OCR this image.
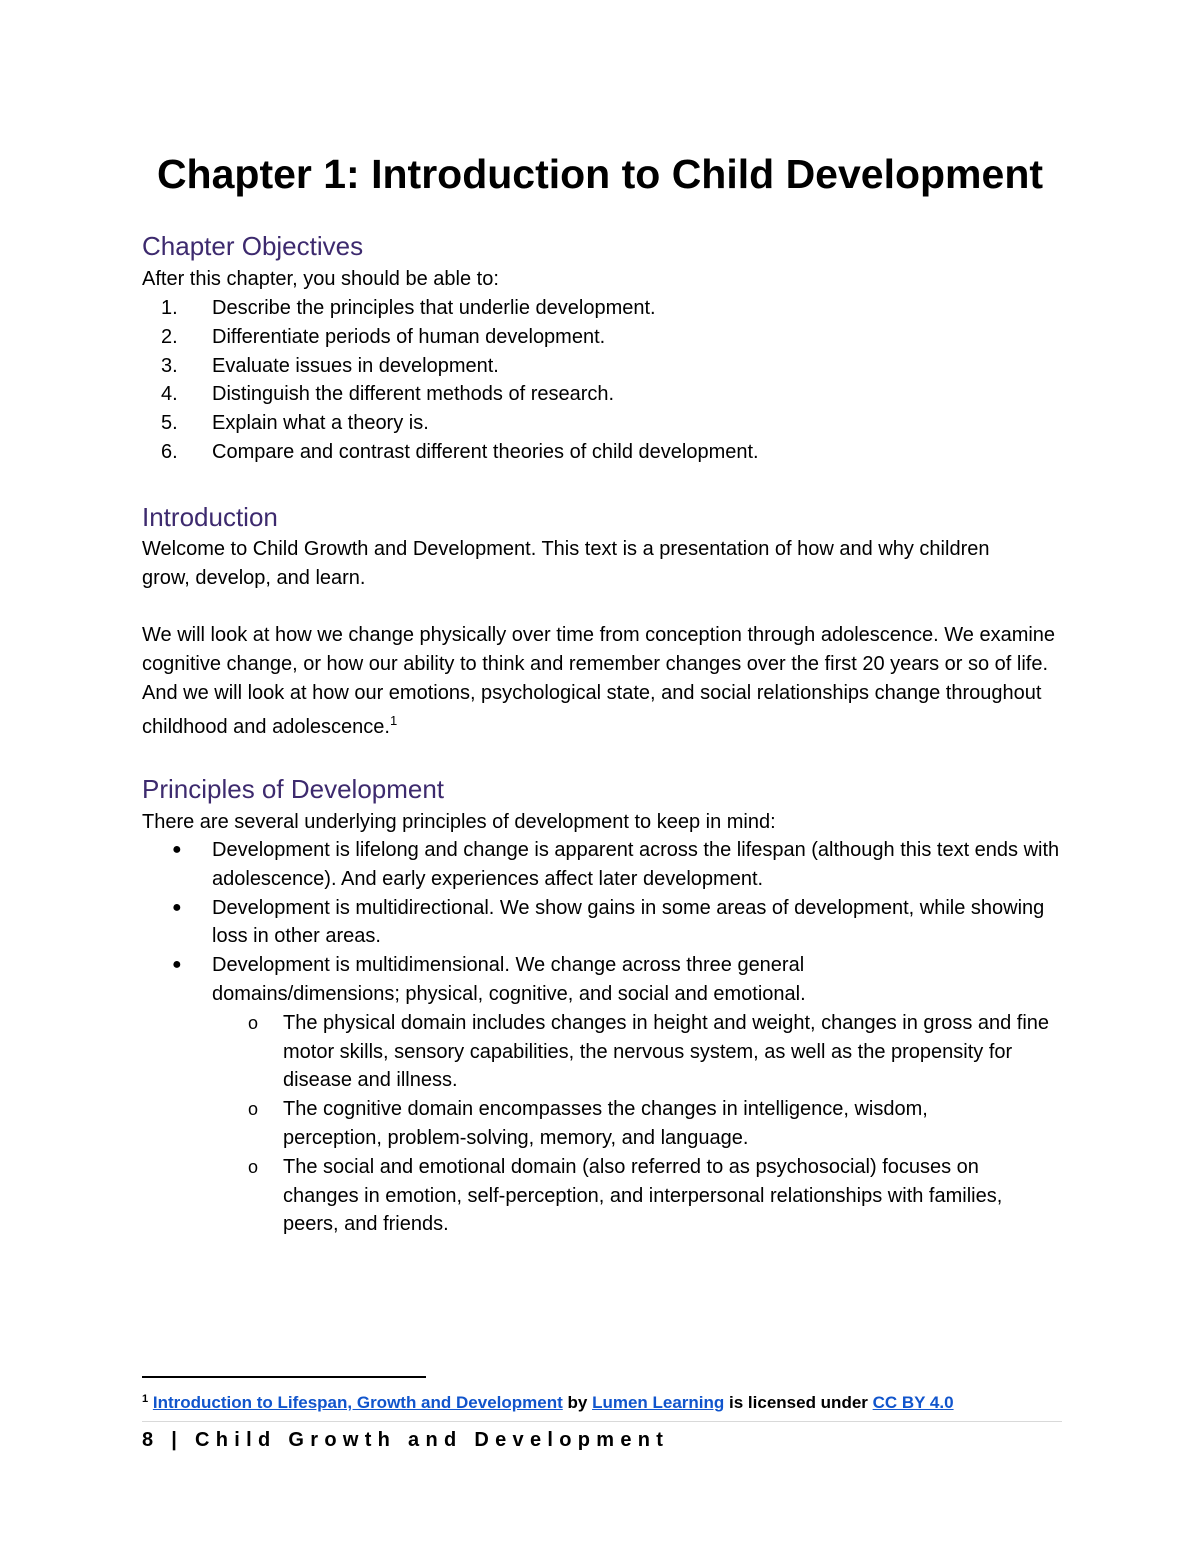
Chapter 1: Introduction to Child Development
Chapter Objectives

After this chapter, you should be able to:

1. Describe the principles that underlie development.
2. Differentiate periods of human development.
3. Evaluate issues in development.
4. Distinguish the different methods of research.
5. Explain what a theory is.
6. Compare and contrast different theories of child development.
Introduction

Welcome to Child Growth and Development. This text is a presentation of how and why children grow, develop, and learn.

We will look at how we change physically over time from conception through adolescence. We examine cognitive change, or how our ability to think and remember changes over the first 20 years or so of life. And we will look at how our emotions, psychological state, and social relationships change throughout childhood and adolescence.$^1$

Principles of Development

There are several underlying principles of development to keep in mind:

● Development is lifelong and change is apparent across the lifespan (although this text ends with adolescence). And early experiences affect later development.
● Development is multidirectional. We show gains in some areas of development, while showing loss in other areas.
● Development is multidimensional. We change across three general domains/dimensions; physical, cognitive, and social and emotional.
o The physical domain includes changes in height and weight, changes in gross and fine motor skills, sensory capabilities, the nervous system, as well as the propensity for disease and illness.
o The cognitive domain encompasses the changes in intelligence, wisdom, perception, problem-solving, memory, and language.
o The social and emotional domain (also referred to as psychosocial) focuses on changes in emotion, self-perception, and interpersonal relationships with families, peers, and friends.
$^1$ Introduction to Lifespan, Growth and Development by Lumen Learning is licensed under CC BY 4.0
8 | Child Growth and Development
